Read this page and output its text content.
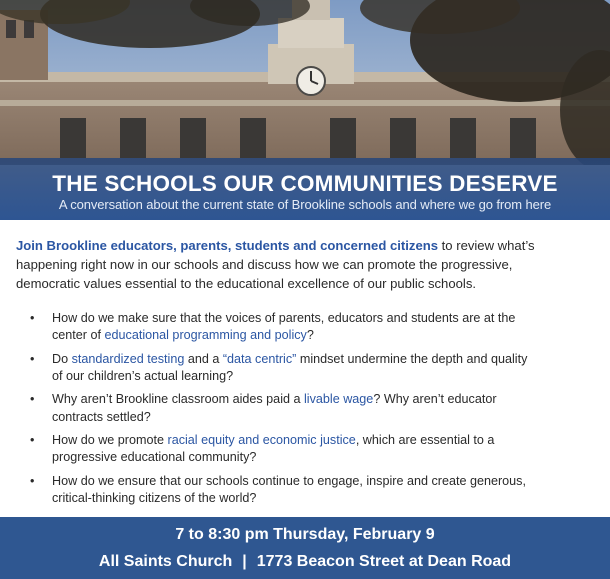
THE SCHOOLS OUR COMMUNITIES DESERVE
A conversation about the current state of Brookline schools and where we go from here

Join Brookline educators, parents, students and concerned citizens to review what’s
happening right now in our schools and discuss how we can promote the progressive,
democratic values essential to the educational excellence of our public schools.

• How do we make sure that the voices of parents, educators and students are at the
center of educational programming and policy?
• Do standardized testing and a “data centric” mindset undermine the depth and quality
of our children’s actual learning?
• Why aren’t Brookline classroom aides paid a livable wage? Why aren’t educator
contracts settled?
• How do we promote racial equity and economic justice, which are essential to a
progressive educational community?
• How do we ensure that our schools continue to engage, inspire and create generous,
critical-thinking citizens of the world?
7 to 8:30 pm Thursday, February 9
All Saints Church | 1773 Beacon Street at Dean Road
